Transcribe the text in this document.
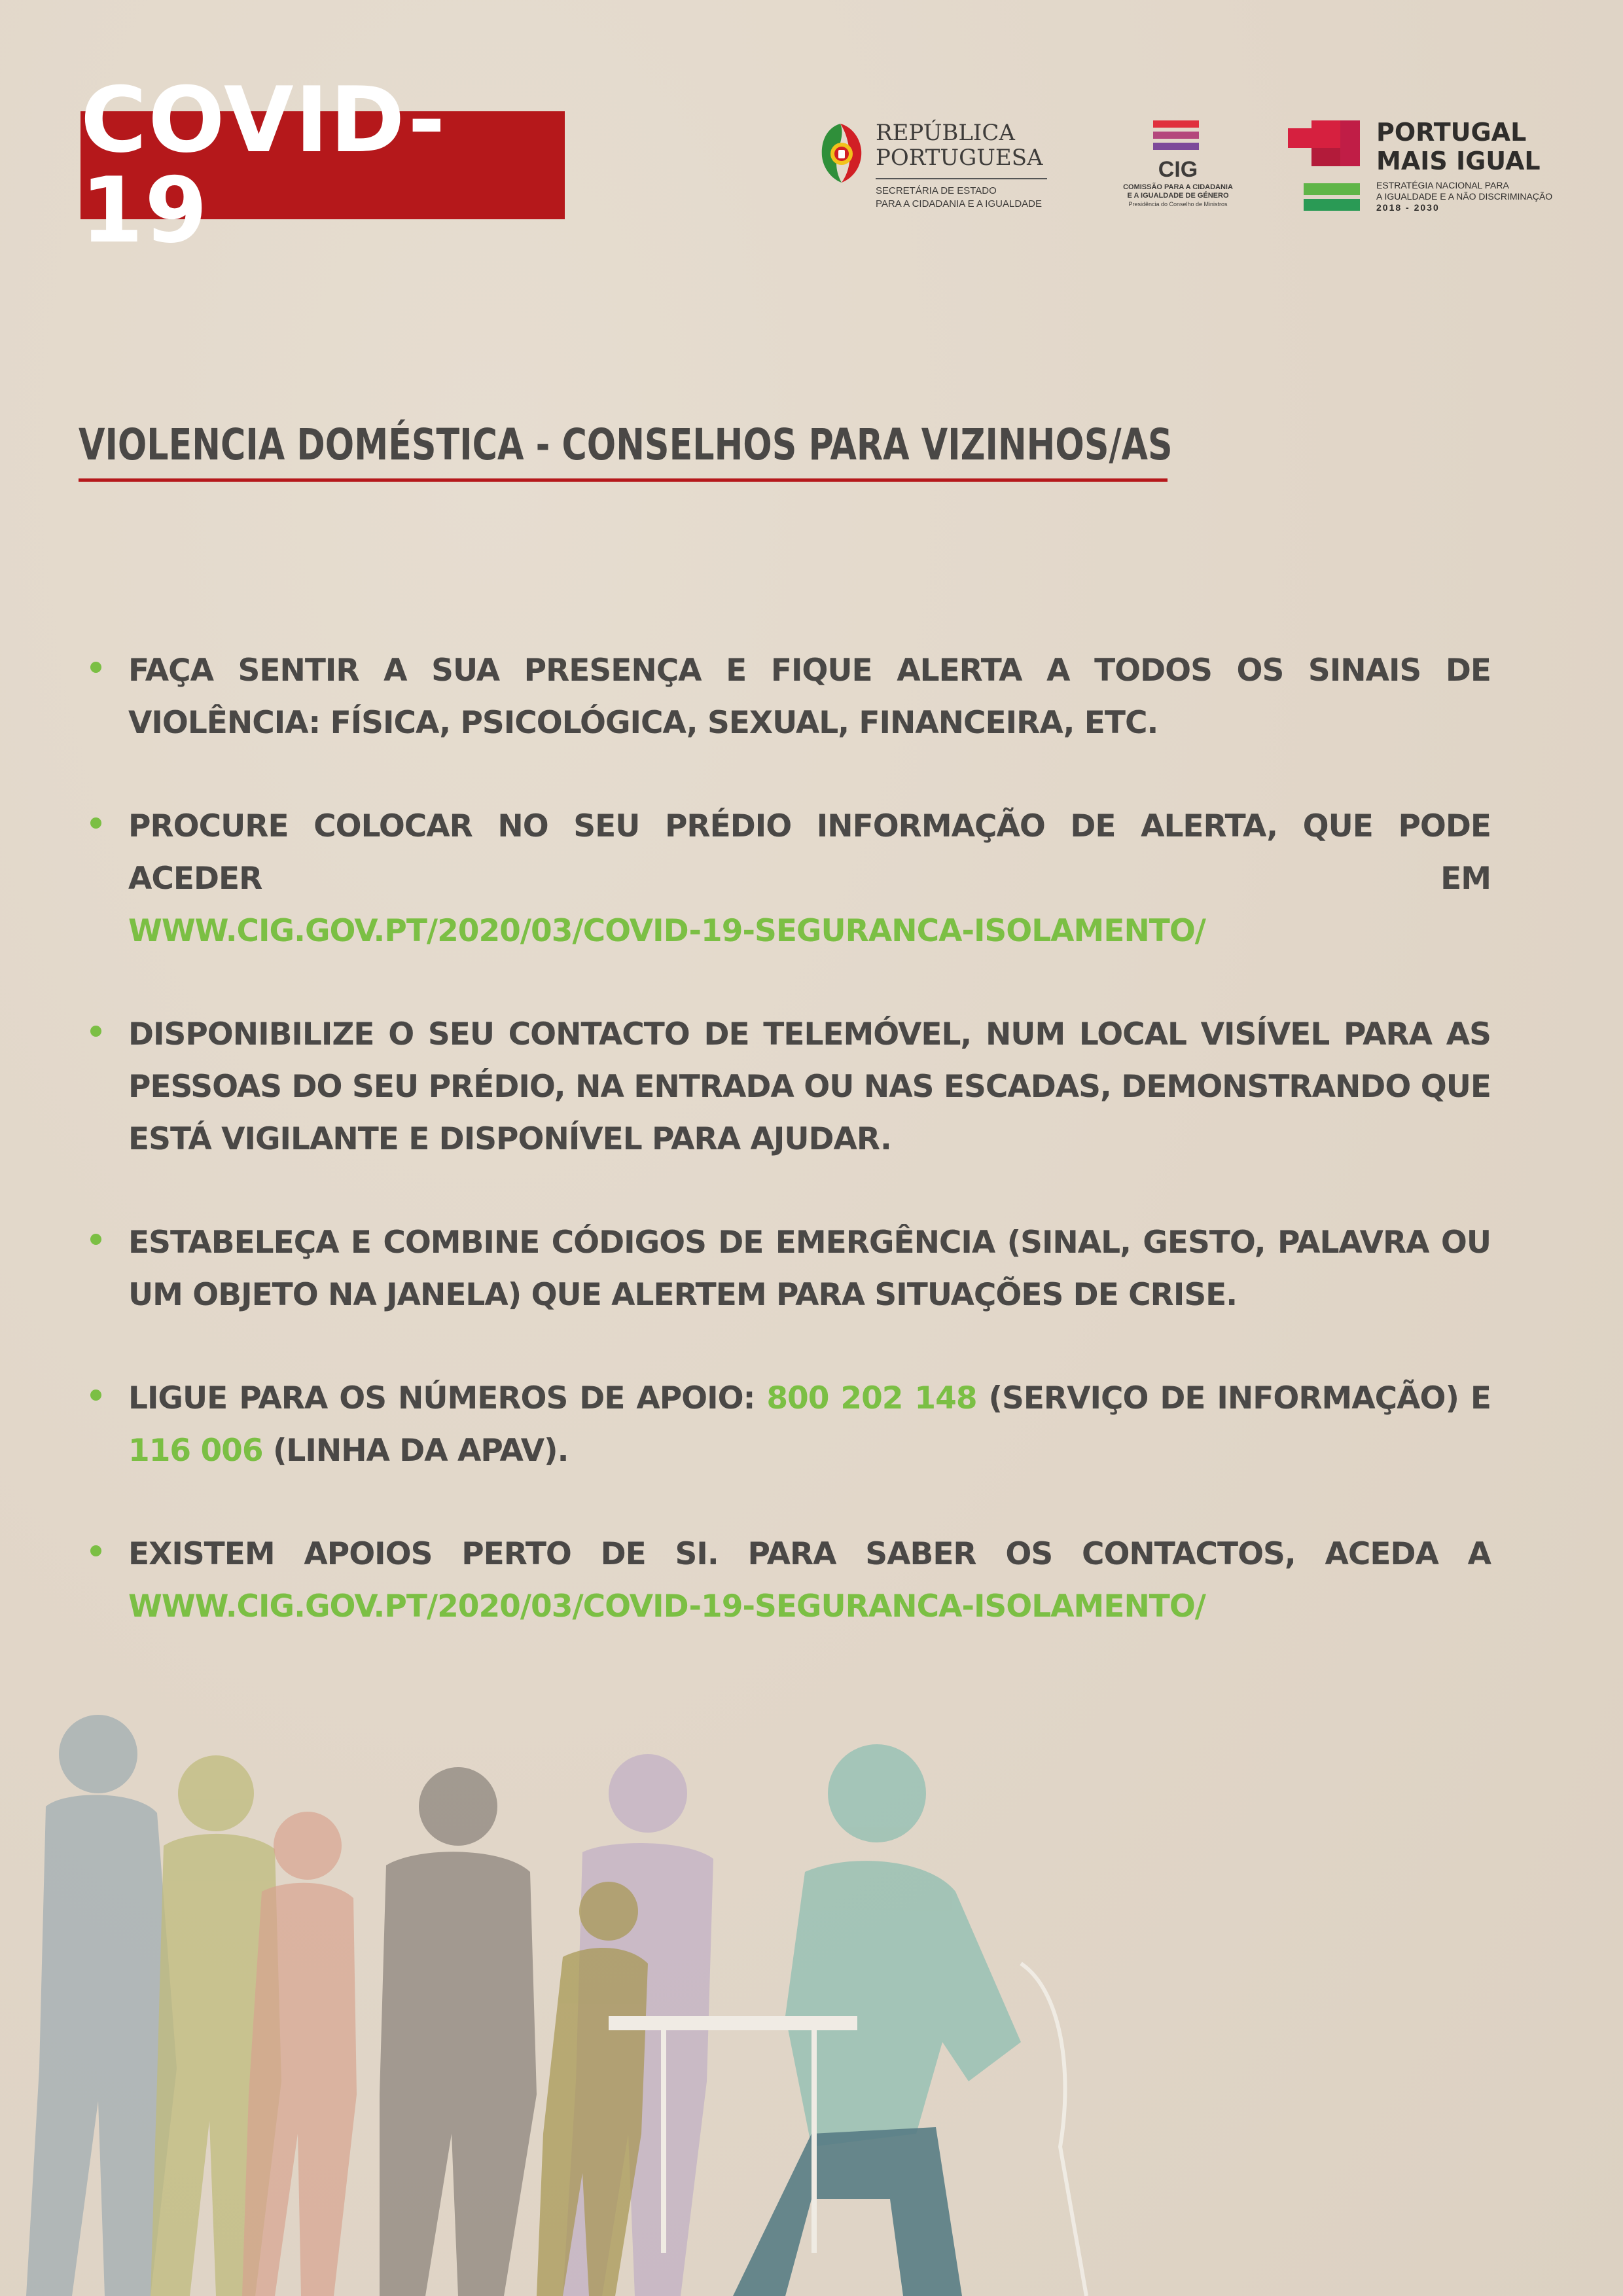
COVID-19
REPÚBLICA
PORTUGUESA
SECRETÁRIA DE ESTADO
PARA A CIDADANIA E A IGUALDADE
CIG
COMISSÃO PARA A CIDADANIA
E A IGUALDADE DE GÉNERO
Presidência do Conselho de Ministros
PORTUGAL
MAIS IGUAL
ESTRATÉGIA NACIONAL PARA
A IGUALDADE E A NÃO DISCRIMINAÇÃO
2018 - 2030
VIOLENCIA DOMÉSTICA - CONSELHOS PARA VIZINHOS/AS

FAÇA SENTIR A SUA PRESENÇA E FIQUE ALERTA A TODOS OS SINAIS DE VIOLÊNCIA: FÍSICA, PSICOLÓGICA, SEXUAL, FINANCEIRA, ETC.

PROCURE COLOCAR NO SEU PRÉDIO INFORMAÇÃO DE ALERTA, QUE PODE ACEDER EM

WWW.CIG.GOV.PT/2020/03/COVID-19-SEGURANCA-ISOLAMENTO/

DISPONIBILIZE O SEU CONTACTO DE TELEMÓVEL, NUM LOCAL VISÍVEL PARA AS PESSOAS DO SEU PRÉDIO, NA ENTRADA OU NAS ESCADAS, DEMONSTRANDO QUE ESTÁ VIGILANTE E DISPONÍVEL PARA AJUDAR.

ESTABELEÇA E COMBINE CÓDIGOS DE EMERGÊNCIA (SINAL, GESTO, PALAVRA OU UM OBJETO NA JANELA) QUE ALERTEM PARA SITUAÇÕES DE CRISE.

LIGUE PARA OS NÚMEROS DE APOIO: 800 202 148 (SERVIÇO DE INFORMAÇÃO) E 116 006 (LINHA DA APAV).

EXISTEM APOIOS PERTO DE SI. PARA SABER OS CONTACTOS, ACEDA A

WWW.CIG.GOV.PT/2020/03/COVID-19-SEGURANCA-ISOLAMENTO/
